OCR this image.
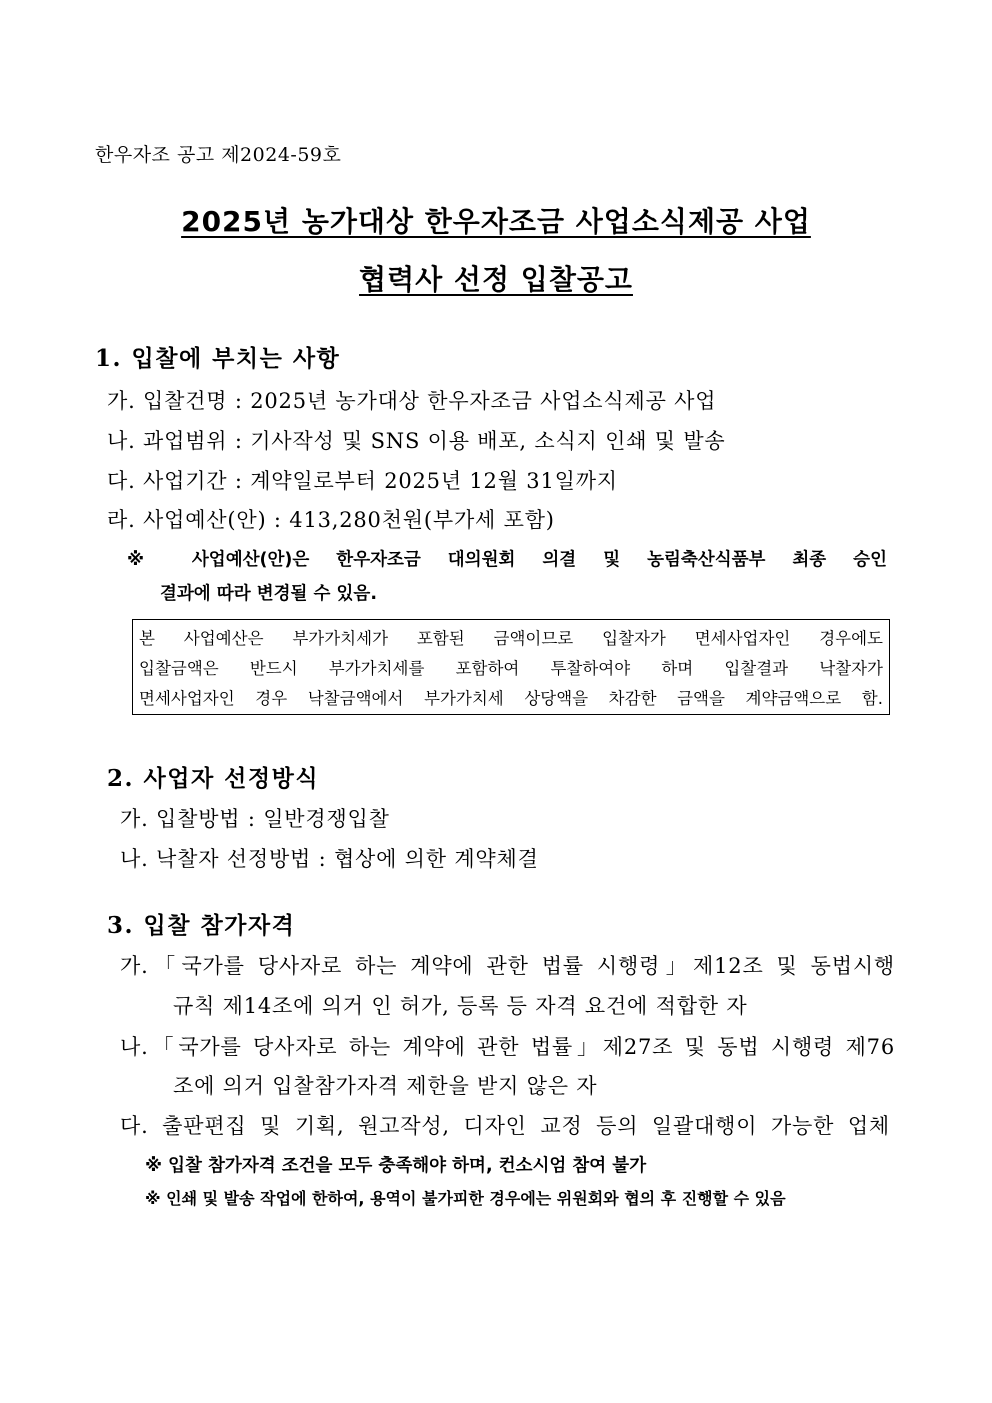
한우자조 공고 제2024-59호
2025년 농가대상 한우자조금 사업소식제공 사업
협력사 선정 입찰공고
1. 입찰에 부치는 사항
가. 입찰건명 : 2025년 농가대상 한우자조금 사업소식제공 사업
나. 과업범위 : 기사작성 및 SNS 이용 배포, 소식지 인쇄 및 발송
다. 사업기간 : 계약일로부터 2025년 12월 31일까지
라. 사업예산(안) : 413,280천원(부가세 포함)
※ 사업예산(안)은 한우자조금 대의원회 의결 및 농림축산식품부 최종 승인
결과에 따라 변경될 수 있음.
본 사업예산은 부가가치세가 포함된 금액이므로 입찰자가 면세사업자인 경우에도
입찰금액은 반드시 부가가치세를 포함하여 투찰하여야 하며 입찰결과 낙찰자가
면세사업자인 경우 낙찰금액에서 부가가치세 상당액을 차감한 금액을 계약금액으로 함.
2. 사업자 선정방식
가. 입찰방법 : 일반경쟁입찰
나. 낙찰자 선정방법 : 협상에 의한 계약체결
3. 입찰 참가자격
가.「국가를 당사자로 하는 계약에 관한 법률 시행령」제12조 및 동법시행
규칙 제14조에 의거 인 허가, 등록 등 자격 요건에 적합한 자
나.「국가를 당사자로 하는 계약에 관한 법률」제27조 및 동법 시행령 제76
조에 의거 입찰참가자격 제한을 받지 않은 자
다. 출판편집 및 기획, 원고작성, 디자인 교정 등의 일괄대행이 가능한 업체
※ 입찰 참가자격 조건을 모두 충족해야 하며, 컨소시엄 참여 불가
※ 인쇄 및 발송 작업에 한하여, 용역이 불가피한 경우에는 위원회와 협의 후 진행할 수 있음
